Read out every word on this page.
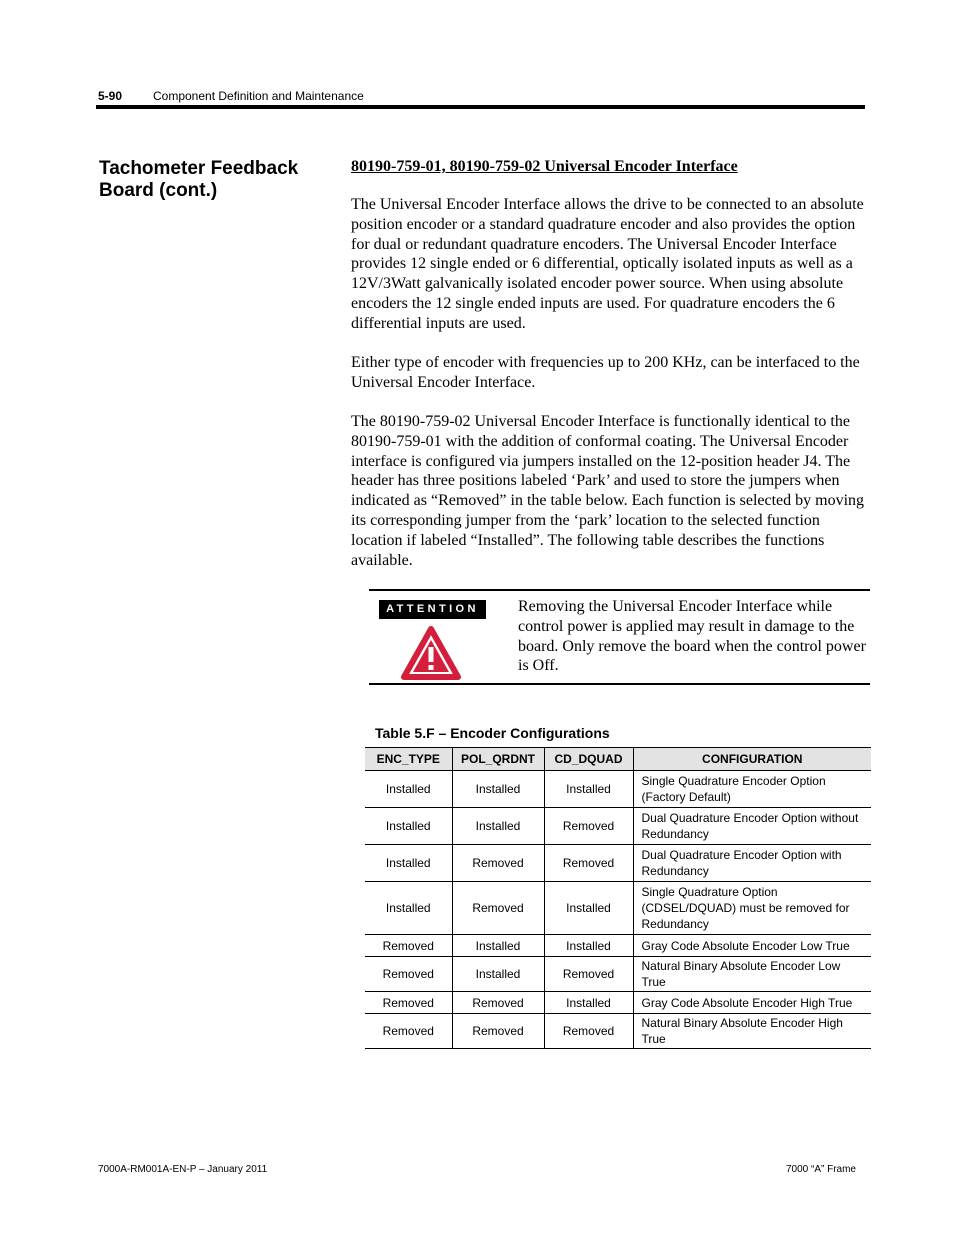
5-90	Component Definition and Maintenance
Tachometer Feedback Board (cont.)
80190-759-01, 80190-759-02 Universal Encoder Interface

The Universal Encoder Interface allows the drive to be connected to an absolute position encoder or a standard quadrature encoder and also provides the option for dual or redundant quadrature encoders. The Universal Encoder Interface provides 12 single ended or 6 differential, optically isolated inputs as well as a 12V/3Watt galvanically isolated encoder power source. When using absolute encoders the 12 single ended inputs are used. For quadrature encoders the 6 differential inputs are used.

Either type of encoder with frequencies up to 200 KHz, can be interfaced to the Universal Encoder Interface.

The 80190-759-02 Universal Encoder Interface is functionally identical to the 80190-759-01 with the addition of conformal coating. The Universal Encoder interface is configured via jumpers installed on the 12-position header J4. The header has three positions labeled ‘Park’ and used to store the jumpers when indicated as “Removed” in the table below. Each function is selected by moving its corresponding jumper from the ‘park’ location to the selected function location if labeled “Installed”. The following table describes the functions available.

ATTENTION	Removing the Universal Encoder Interface while control power is applied may result in damage to the board. Only remove the board when the control power is Off.

Table 5.F – Encoder Configurations
ENC_TYPE	POL_QRDNT	CD_DQUAD	CONFIGURATION
Installed	Installed	Installed	Single Quadrature Encoder Option (Factory Default)
Installed	Installed	Removed	Dual Quadrature Encoder Option without Redundancy
Installed	Removed	Removed	Dual Quadrature Encoder Option with Redundancy
Installed	Removed	Installed	Single Quadrature Option (CDSEL/DQUAD) must be removed for Redundancy
Removed	Installed	Installed	Gray Code Absolute Encoder Low True
Removed	Installed	Removed	Natural Binary Absolute Encoder Low True
Removed	Removed	Installed	Gray Code Absolute Encoder High True
Removed	Removed	Removed	Natural Binary Absolute Encoder High True
7000A-RM001A-EN-P – January 2011	7000 “A” Frame
